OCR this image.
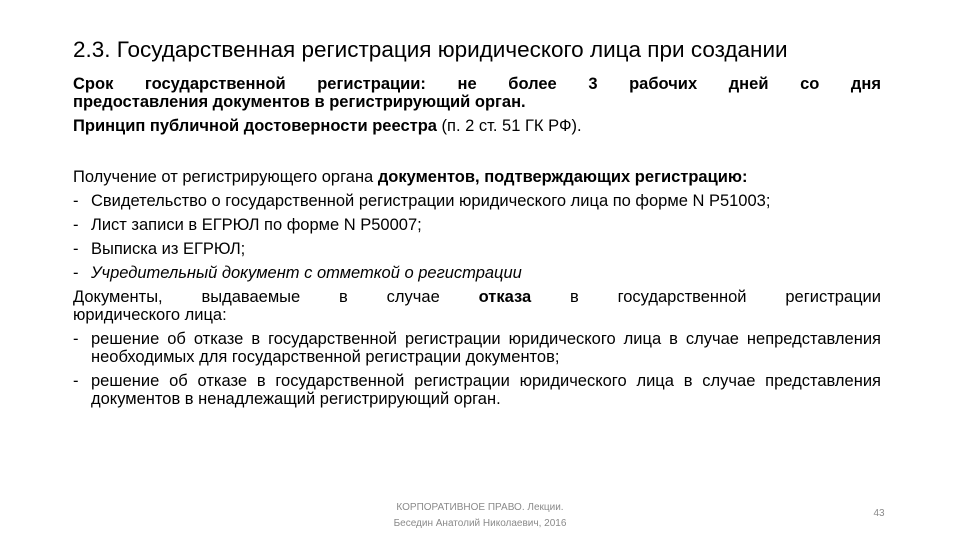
2.3. Государственная регистрация юридического лица при создании

Срок государственной регистрации: не более 3 рабочих дней со дня

предоставления документов в регистрирующий орган.

Принцип публичной достоверности реестра (п. 2 ст. 51 ГК РФ).

Получение от регистрирующего органа документов, подтверждающих регистрацию:

- Свидетельство о государственной регистрации юридического лица по форме N Р51003;

- Лист записи в ЕГРЮЛ по форме N Р50007;

- Выписка из ЕГРЮЛ;

- Учредительный документ с отметкой о регистрации

Документы, выдаваемые в случае отказа в государственной регистрации

юридического лица:

- решение об отказе в государственной регистрации юридического лица в случае непредставления необходимых для государственной регистрации документов;

- решение об отказе в государственной регистрации юридического лица в случае представления документов в ненадлежащий регистрирующий орган.

КОРПОРАТИВНОЕ ПРАВО. Лекции.
Беседин Анатолий Николаевич, 2016
43
